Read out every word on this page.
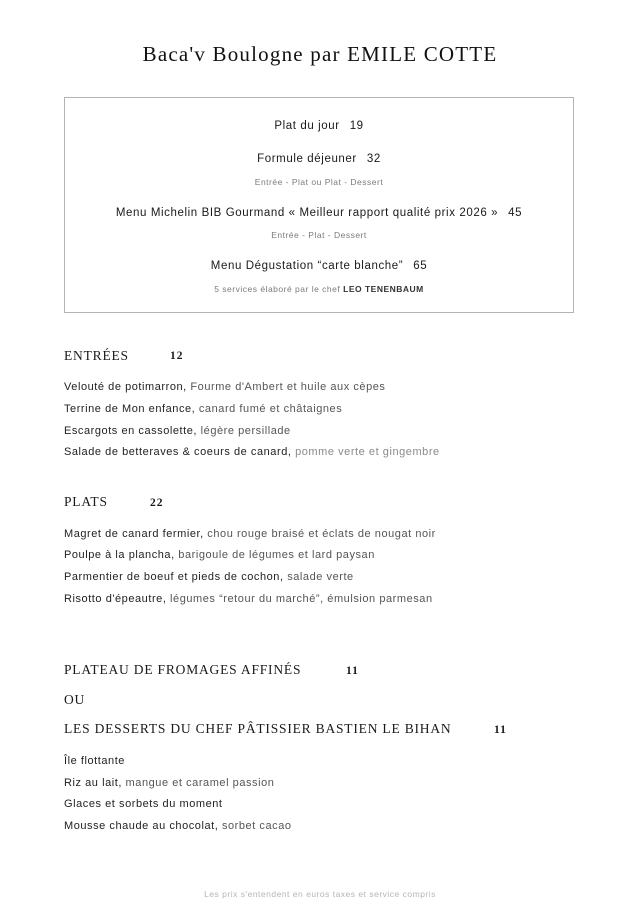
Baca'v Boulogne par EMILE COTTE
Plat du jour 19
Formule déjeuner 32
Entrée - Plat ou Plat - Dessert
Menu Michelin BIB Gourmand « Meilleur rapport qualité prix 2026 » 45
Entrée - Plat - Dessert
Menu Dégustation “carte blanche” 65
5 services élaboré par le chef LEO TENENBAUM
ENTRÉES	12
Velouté de potimarron, Fourme d'Ambert et huile aux cèpes
Terrine de Mon enfance, canard fumé et châtaignes
Escargots en cassolette, légère persillade
Salade de betteraves & coeurs de canard, pomme verte et gingembre
PLATS	22
Magret de canard fermier, chou rouge braisé et éclats de nougat noir
Poulpe à la plancha, barigoule de légumes et lard paysan
Parmentier de boeuf et pieds de cochon, salade verte
Risotto d'épeautre, légumes “retour du marché”, émulsion parmesan
PLATEAU DE FROMAGES AFFINÉS	11
OU
LES DESSERTS DU CHEF PÂTISSIER BASTIEN LE BIHAN	11
Île flottante
Riz au lait, mangue et caramel passion
Glaces et sorbets du moment
Mousse chaude au chocolat, sorbet cacao
Les prix s'entendent en euros taxes et service compris
